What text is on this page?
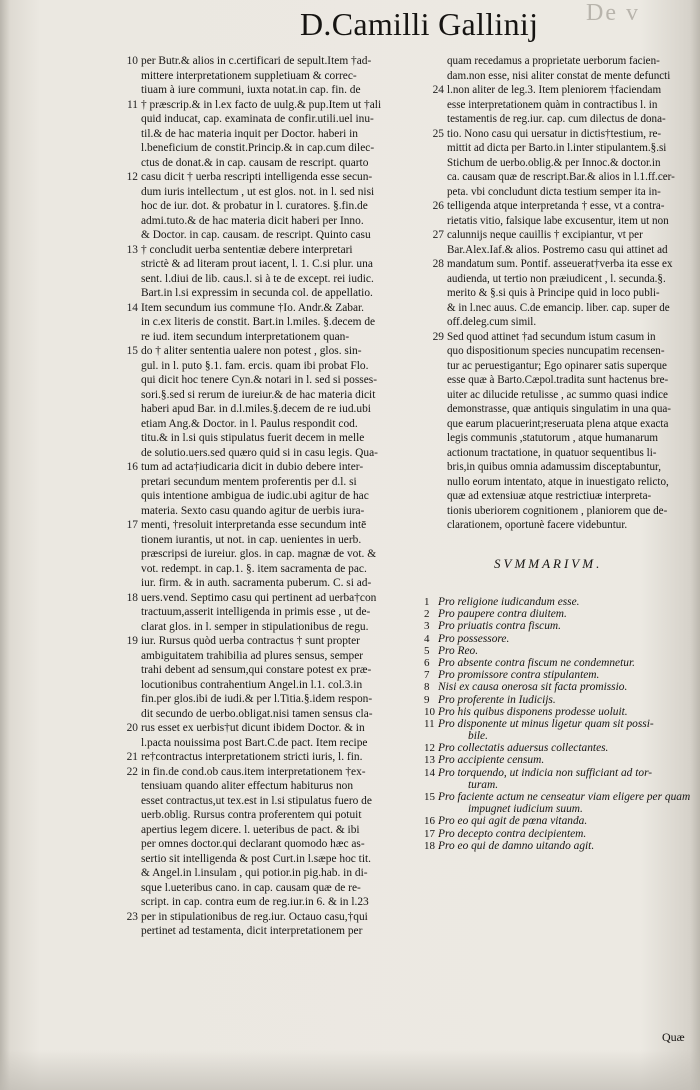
De v
D.Camilli Gallinij
10 per Butr.& alios in c.certificari de sepult.Item †ad-
mittere interpretationem suppletiuam & correc-
tiuam à iure communi, iuxta notat.in cap. fin. de
11 † præscrip.& in l.ex facto de uulg.& pup.Item ut †ali
quid inducat, cap. examinata de confir.utili.uel inu-
til.& de hac materia inquit per Doctor. haberi in
l.beneficium de constit.Princip.& in cap.cum dilec-
ctus de donat.& in cap. causam de rescript. quarto
12 casu dicit † uerba rescripti intelligenda esse secun-
dum iuris intellectum , ut est glos. not. in l. sed nisi
hoc de iur. dot. & probatur in l. curatores. §.fin.de
admi.tuto.& de hac materia dicit haberi per Inno.
& Doctor. in cap. causam. de rescript. Quinto casu
13 † concludit uerba sententiæ debere interpretari
strictè & ad literam prout iacent, l. 1. C.si plur. una
sent. l.diui de lib. caus.l. si à te de except. rei iudic.
Bart.in l.si expressim in secunda col. de appellatio.
14 Item secundum ius commune †Io. Andr.& Zabar.
in c.ex literis de constit. Bart.in l.miles. §.decem de
re iud. item secundum interpretationem quan-
15 do † aliter sententia ualere non potest , glos. sin-
gul. in l. puto §.1. fam. ercis. quam ibi probat Flo.
qui dicit hoc tenere Cyn.& notari in l. sed si posses-
sori.§.sed si rerum de iureiur.& de hac materia dicit
haberi apud Bar. in d.l.miles.§.decem de re iud.ubi
etiam Ang.& Doctor. in l. Paulus respondit cod.
titu.& in l.si quis stipulatus fuerit decem in melle
de solutio.uers.sed quæro quid si in casu legis. Qua-
16 tum ad acta†iudicaria dicit in dubio debere inter-
pretari secundum mentem proferentis per d.l. si
quis intentione ambigua de iudic.ubi agitur de hac
materia. Sexto casu quando agitur de uerbis iura-
17 menti, †resoluit interpretanda esse secundum intē
tionem iurantis, ut not. in cap. uenientes in uerb.
præscripsi de iureiur. glos. in cap. magnæ de vot. &
vot. redempt. in cap.1. §. item sacramenta de pac.
iur. firm. & in auth. sacramenta puberum. C. si ad-
18 uers.vend. Septimo casu qui pertinent ad uerba†con
tractuum,asserit intelligenda in primis esse , ut de-
clarat glos. in l. semper in stipulationibus de regu.
19 iur. Rursus quòd uerba contractus † sunt propter
ambiguitatem trahibilia ad plures sensus, semper
trahi debent ad sensum,qui constare potest ex præ-
locutionibus contrahentium Angel.in l.1. col.3.in
fin.per glos.ibi de iudi.& per l.Titia.§.idem respon-
dit secundo de uerbo.obligat.nisi tamen sensus cla-
20 rus esset ex uerbis†ut dicunt ibidem Doctor. & in
l.pacta nouissima post Bart.C.de pact. Item recipe
21 re†contractus interpretationem stricti iuris, l. fin.
22 in fin.de cond.ob caus.item interpretationem †ex-
tensiuam quando aliter effectum habiturus non
esset contractus,ut tex.est in l.si stipulatus fuero de
uerb.oblig. Rursus contra proferentem qui potuit
apertius legem dicere. l. ueteribus de pact. & ibi
per omnes doctor.qui declarant quomodo hæc as-
sertio sit intelligenda & post Curt.in l.sæpe hoc tit.
& Angel.in l.insulam , qui potior.in pig.hab. in di-
sque l.ueteribus cano. in cap. causam quæ de re-
script. in cap. contra eum de reg.iur.in 6. & in l.23
23 per in stipulationibus de reg.iur. Octauo casu,†qui
pertinet ad testamenta, dicit interpretationem per
quam recedamus a proprietate uerborum facien-
dam.non esse, nisi aliter constat de mente defuncti
24 l.non aliter de leg.3. Item pleniorem †faciendam
esse interpretationem quàm in contractibus l. in
testamentis de reg.iur. cap. cum dilectus de dona-
25 tio. Nono casu qui uersatur in dictis†testium, re-
mittit ad dicta per Barto.in l.inter stipulantem.§.si
Stichum de uerbo.oblig.& per Innoc.& doctor.in
ca. causam quæ de rescript.Bar.& alios in l.1.ff.cer-
peta. vbi concludunt dicta testium semper ita in-
26 telligenda atque interpretanda † esse, vt a contra-
rietatis vitio, falsique labe excusentur, item ut non
27 calunnijs neque cauillis † excipiantur, vt per
Bar.Alex.Iaf.& alios. Postremo casu qui attinet ad
28 mandatum sum. Pontif. asseuerat†verba ita esse ex
audienda, ut tertio non præiudicent , l. secunda.§.
merito & §.si quis à Principe quid in loco publi-
& in l.nec auus. C.de emancip. liber. cap. super de
off.deleg.cum simil.
29 Sed quod attinet †ad secundum istum casum in
quo dispositionum species nuncupatim recensen-
tur ac peruestigantur; Ego opinarer satis superque
esse quæ à Barto.Cæpol.tradita sunt hactenus bre-
uiter ac dilucide retulisse , ac summo quasi indice
demonstrasse, quæ antiquis singulatim in una qua-
que earum placuerint;reseruata plena atque exacta
legis communis ,statutorum , atque humanarum
actionum tractatione, in quatuor sequentibus li-
bris,in quibus omnia adamussim disceptabuntur,
nullo eorum intentato, atque in inuestigato relicto,
quæ ad extensiuæ atque restrictiuæ interpreta-
tionis uberiorem cognitionem , planiorem que de-
clarationem, oportunè facere videbuntur.
SVMMARIVM.
1 Pro religione iudicandum esse.
2 Pro paupere contra diuitem.
3 Pro priuatis contra fiscum.
4 Pro possessore.
5 Pro Reo.
6 Pro absente contra fiscum ne condemnetur.
7 Pro promissore contra stipulantem.
8 Nisi ex causa onerosa sit facta promissio.
9 Pro proferente in Iudicijs.
10 Pro his quibus disponens prodesse uoluit.
11 Pro disponente ut minus ligetur quam sit possi-
bile.
12 Pro collectatis aduersus collectantes.
13 Pro accipiente censum.
14 Pro torquendo, ut indicia non sufficiant ad tor-
turam.
15 Pro faciente actum ne censeatur viam eligere per quam
impugnet iudicium suum.
16 Pro eo qui agit de pœna vitanda.
17 Pro decepto contra decipientem.
18 Pro eo qui de damno uitando agit.
Quæ
